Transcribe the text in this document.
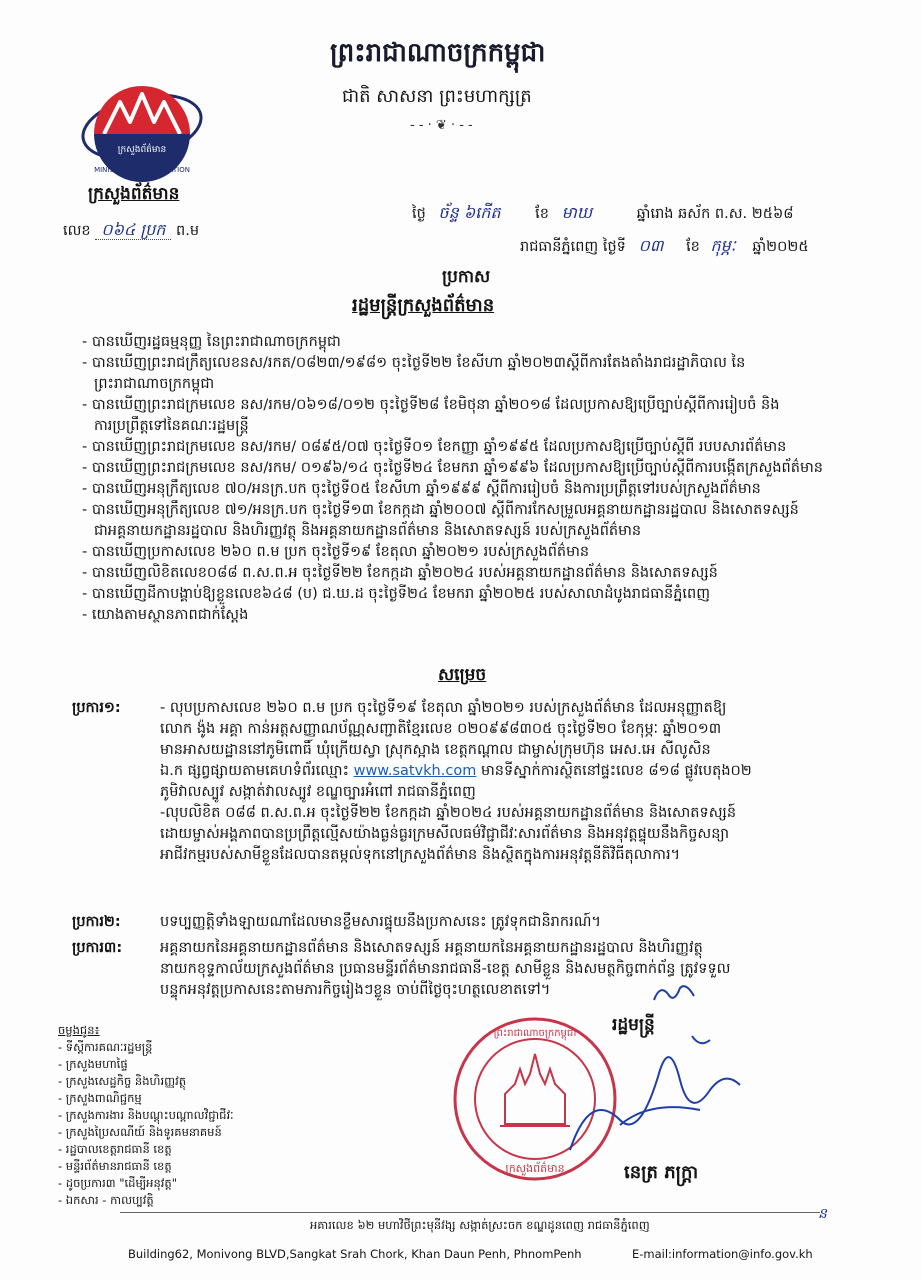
ក្រសួងព័ត៌មាន
MINISTRY OF INFORMATION
ព្រះរាជាណាចក្រកម្ពុជា
ជាតិ សាសនា ព្រះមហាក្សត្រ
- - ‧ ❦ ‧ - -
ក្រសួងព័ត៌មាន
លេខ ០៦៤ ប្រក ព.ម
ថ្ងៃ ច័ន្ទ ៦កើត ខែ មាឃ	ឆ្នាំរោង ឆស័ក ព.ស. ២៥៦៨
រាជធានីភ្នំពេញ ថ្ងៃទី ០៣ ខែ កុម្ភៈ ឆ្នាំ២០២៥
ប្រកាស
រដ្ឋមន្ត្រីក្រសួងព័ត៌មាន
- បានឃើញរដ្ឋធម្មនុញ្ញ នៃព្រះរាជាណាចក្រកម្ពុជា
- បានឃើញព្រះរាជក្រឹត្យលេខនស/រកត/០៨២៣/១៩៨១ ចុះថ្ងៃទី២២ ខែសីហា ឆ្នាំ២០២៣ស្តីពីការតែងតាំងរាជរដ្ឋាភិបាល នៃ
ព្រះរាជាណាចក្រកម្ពុជា
- បានឃើញព្រះរាជក្រមលេខ នស/រកម/០៦១៨/០១២ ចុះថ្ងៃទី២៨ ខែមិថុនា ឆ្នាំ២០១៨ ដែលប្រកាសឱ្យប្រើច្បាប់ស្តីពីការរៀបចំ និង
ការប្រព្រឹត្តទៅនៃគណៈរដ្ឋមន្ត្រី
- បានឃើញព្រះរាជក្រមលេខ នស/រកម/ ០៨៩៥/០៧ ចុះថ្ងៃទី០១ ខែកញ្ញា ឆ្នាំ១៩៩៥ ដែលប្រកាសឱ្យប្រើច្បាប់ស្តីពី របបសារព័ត៌មាន
- បានឃើញព្រះរាជក្រមលេខ នស/រកម/ ០១៩៦/១៤ ចុះថ្ងៃទី២៤ ខែមករា ឆ្នាំ១៩៩៦ ដែលប្រកាសឱ្យប្រើច្បាប់ស្តីពីការបង្កើតក្រសួងព័ត៌មាន
- បានឃើញអនុក្រឹត្យលេខ ៧០/អនក្រ.បក ចុះថ្ងៃទី០៥ ខែសីហា ឆ្នាំ១៩៩៩ ស្តីពីការរៀបចំ និងការប្រព្រឹត្តទៅរបស់ក្រសួងព័ត៌មាន
- បានឃើញអនុក្រឹត្យលេខ ៧១/អនក្រ.បក ចុះថ្ងៃទី១៣ ខែកក្កដា ឆ្នាំ២០០៧ ស្តីពីការកែសម្រួលអគ្គនាយកដ្ឋានរដ្ឋបាល និងសោតទស្សន៍
ជាអគ្គនាយកដ្ឋានរដ្ឋបាល និងហិរញ្ញវត្ថុ និងអគ្គនាយកដ្ឋានព័ត៌មាន និងសោតទស្សន៍ របស់ក្រសួងព័ត៌មាន
- បានឃើញប្រកាសលេខ ២៦០ ព.ម ប្រក ចុះថ្ងៃទី១៩ ខែតុលា ឆ្នាំ២០២១ របស់ក្រសួងព័ត៌មាន
- បានឃើញលិខិតលេខ០៨៨ ព.ស.ព.អ ចុះថ្ងៃទី២២ ខែកក្កដា ឆ្នាំ២០២៤ របស់អគ្គនាយកដ្ឋានព័ត៌មាន និងសោតទស្សន៍
- បានឃើញដីកាបង្គាប់ឱ្យខ្លួនលេខ៦៤៨ (ប) ជ.ឃ.ដ ចុះថ្ងៃទី២៤ ខែមករា ឆ្នាំ២០២៥ របស់សាលាដំបូងរាជធានីភ្នំពេញ
- យោងតាមស្ថានភាពជាក់ស្តែង
សម្រេច
ប្រការ១:	- លុបប្រកាសលេខ ២៦០ ព.ម ប្រក ចុះថ្ងៃទី១៩ ខែតុលា ឆ្នាំ២០២១ របស់ក្រសួងព័ត៌មាន ដែលអនុញ្ញាតឱ្យ
លោក ង៉ូង អគ្គា កាន់អត្តសញ្ញាណប័ណ្ណសញ្ជាតិខ្មែរលេខ ០២០៩៩៨៣០៥ ចុះថ្ងៃទី២០ ខែកុម្ភៈ ឆ្នាំ២០១៣
មានអាសយដ្ឋាននៅភូមិពោធិ៍ ឃុំក្រើយស្វា ស្រុកស្អាង ខេត្តកណ្តាល ជាម្ចាស់ក្រុមហ៊ុន អេស.អេ សីលូសិន
ឯ.ក ផ្សព្វផ្សាយតាមគេហទំព័រឈ្មោះ www.satvkh.com មានទីស្នាក់ការស្ថិតនៅផ្ទះលេខ ៨១៨ ផ្លូវបេតុង០២
ភូមិវាលស្បូវ សង្កាត់វាលស្បូវ ខណ្ឌច្បារអំពៅ រាជធានីភ្នំពេញ
-លុបលិខិត ០៨៨ ព.ស.ព.អ ចុះថ្ងៃទី២២ ខែកក្កដា ឆ្នាំ២០២៤ របស់អគ្គនាយកដ្ឋានព័ត៌មាន និងសោតទស្សន៍
ដោយម្ចាស់អង្គភាពបានប្រព្រឹត្តល្មើសយ៉ាងធ្ងន់ធ្ងរក្រមសីលធម៌វិជ្ជាជីវៈសារព័ត៌មាន និងអនុវត្តផ្ទុយនឹងកិច្ចសន្យា
អាជីវកម្មរបស់សាមីខ្លួនដែលបានតម្កល់ទុកនៅក្រសួងព័ត៌មាន និងស្ថិតក្នុងការអនុវត្តនីតិវិធីតុលាការ។
ប្រការ២:	បទប្បញ្ញត្តិទាំងឡាយណាដែលមានខ្លឹមសារផ្ទុយនឹងប្រកាសនេះ ត្រូវទុកជានិរាករណ៍។
ប្រការ៣:	អគ្គនាយកនៃអគ្គនាយកដ្ឋានព័ត៌មាន និងសោតទស្សន៍ អគ្គនាយកនៃអគ្គនាយកដ្ឋានរដ្ឋបាល និងហិរញ្ញវត្ថុ
នាយកខុទ្ទកាល័យក្រសួងព័ត៌មាន ប្រធានមន្ទីរព័ត៌មានរាជធានី-ខេត្ត សាមីខ្លួន និងសមត្ថកិច្ចពាក់ព័ន្ធ ត្រូវទទួល
បន្ទុកអនុវត្តប្រកាសនេះតាមភារកិច្ចរៀងៗខ្លួន ចាប់ពីថ្ងៃចុះហត្ថលេខាតទៅ។
ចម្លងជូន៖
- ទីស្តីការគណៈរដ្ឋមន្ត្រី
- ក្រសួងមហាផ្ទៃ
- ក្រសួងសេដ្ឋកិច្ច និងហិរញ្ញវត្ថុ
- ក្រសួងពាណិជ្ជកម្ម
- ក្រសួងការងារ និងបណ្តុះបណ្តាលវិជ្ជាជីវៈ
- ក្រសួងប្រៃសណីយ៍ និងទូរគមនាគមន៍
- រដ្ឋបាលខេត្តរាជធានី ខេត្ត
- មន្ទីរព័ត៌មានរាជធានី ខេត្ត
- ដូចប្រការ៣ "ដើម្បីអនុវត្ត"
- ឯកសារ - កាលប្បវត្តិ
រដ្ឋមន្ត្រី
ព្រះរាជាណាចក្រកម្ពុជា
ក្រសួងព័ត៌មាន	នេត្រ ភក្ត្រា
អគារលេខ ៦២ មហាវិថីព្រះមុនីវង្ស សង្កាត់ស្រះចក ខណ្ឌដូនពេញ រាជធានីភ្នំពេញ
Building62, Monivong BLVD,Sangkat Srah Chork, Khan Daun Penh, PhnomPenh	E-mail:information@info.gov.kh
ន
